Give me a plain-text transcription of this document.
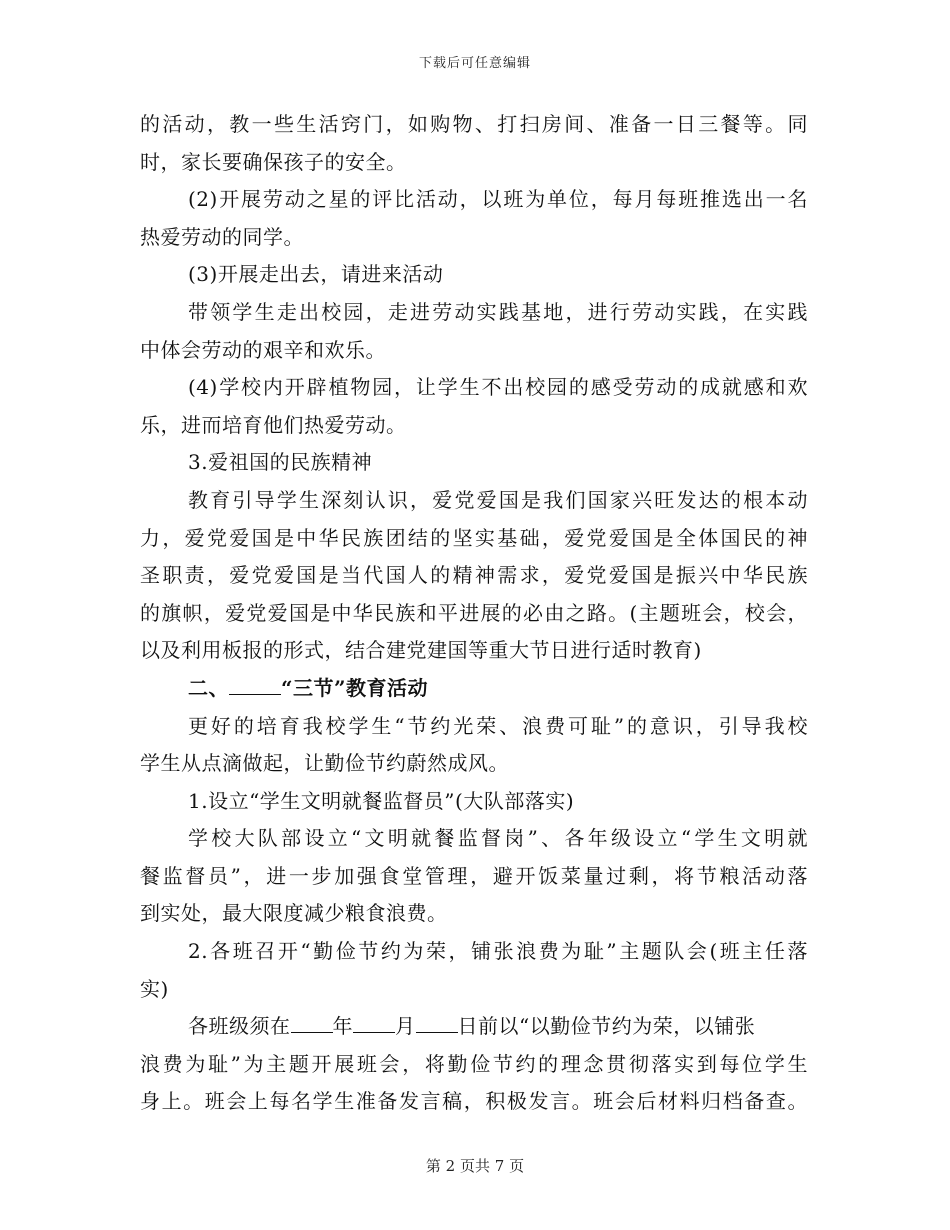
下载后可任意编辑
的活动，教一些生活窍门，如购物、打扫房间、准备一日三餐等。同
时，家长要确保孩子的安全。
(2)开展劳动之星的评比活动，以班为单位，每月每班推选出一名
热爱劳动的同学。
(3)开展走出去，请进来活动
带领学生走出校园，走进劳动实践基地，进行劳动实践，在实践
中体会劳动的艰辛和欢乐。
(4)学校内开辟植物园，让学生不出校园的感受劳动的成就感和欢
乐，进而培育他们热爱劳动。
3.爱祖国的民族精神
教育引导学生深刻认识，爱党爱国是我们国家兴旺发达的根本动
力，爱党爱国是中华民族团结的坚实基础，爱党爱国是全体国民的神
圣职责，爱党爱国是当代国人的精神需求，爱党爱国是振兴中华民族
的旗帜，爱党爱国是中华民族和平进展的必由之路。(主题班会，校会，
以及利用板报的形式，结合建党建国等重大节日进行适时教育)
二、	“三节”教育活动
更好的培育我校学生“节约光荣、浪费可耻”的意识，引导我校
学生从点滴做起，让勤俭节约蔚然成风。
1.设立“学生文明就餐监督员”(大队部落实)
学校大队部设立“文明就餐监督岗”、各年级设立“学生文明就
餐监督员”，进一步加强食堂管理，避开饭菜量过剩，将节粮活动落
到实处，最大限度减少粮食浪费。
2.各班召开“勤俭节约为荣，铺张浪费为耻”主题队会(班主任落
实)
各班级须在 年 月 日前以“以勤俭节约为荣，以铺张
浪费为耻”为主题开展班会，将勤俭节约的理念贯彻落实到每位学生
身上。班会上每名学生准备发言稿，积极发言。班会后材料归档备查。
第 2 页共 7 页
